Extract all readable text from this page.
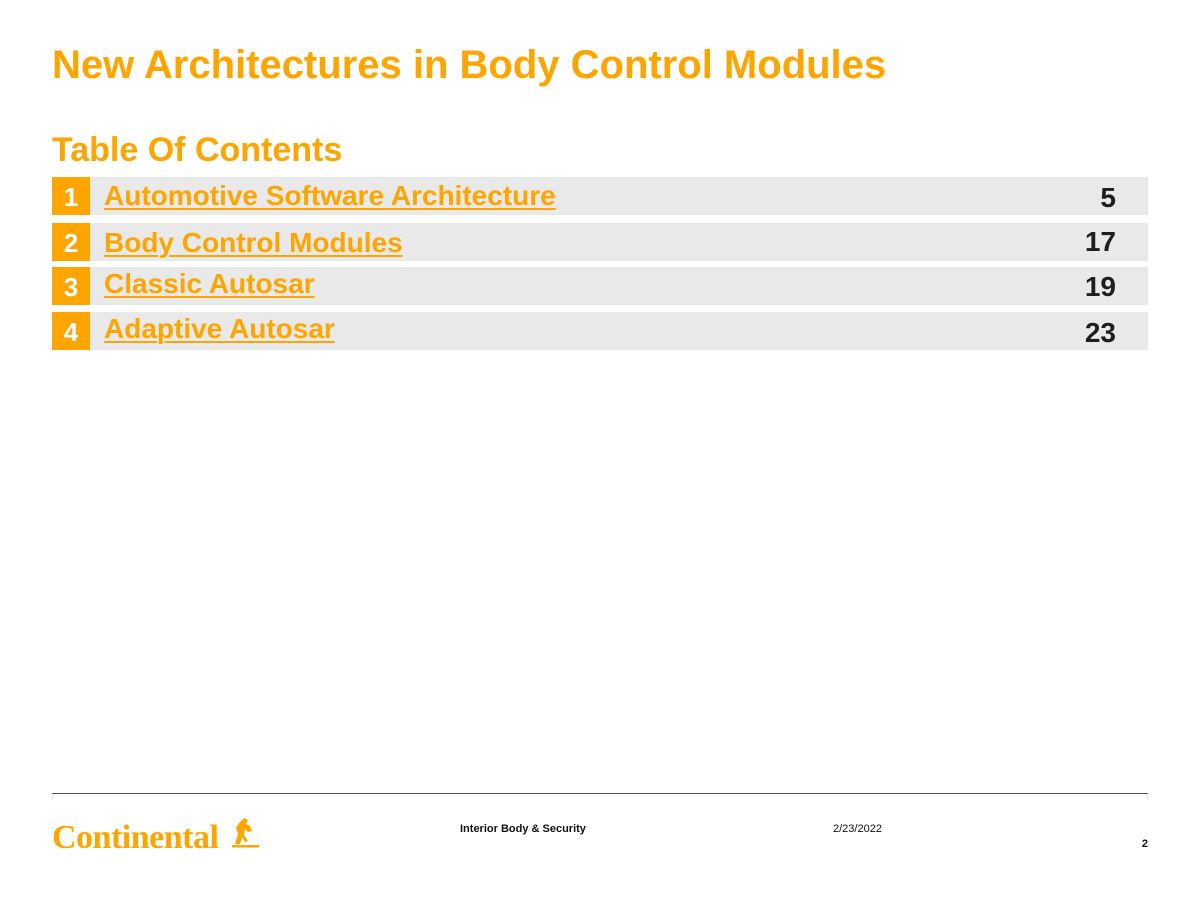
New Architectures in Body Control Modules
Table Of Contents
1 Automotive Software Architecture	5
2 Body Control Modules	17
3 Classic Autosar	19
4 Adaptive Autosar	23
Continental	Interior Body & Security	2/23/2022
2
